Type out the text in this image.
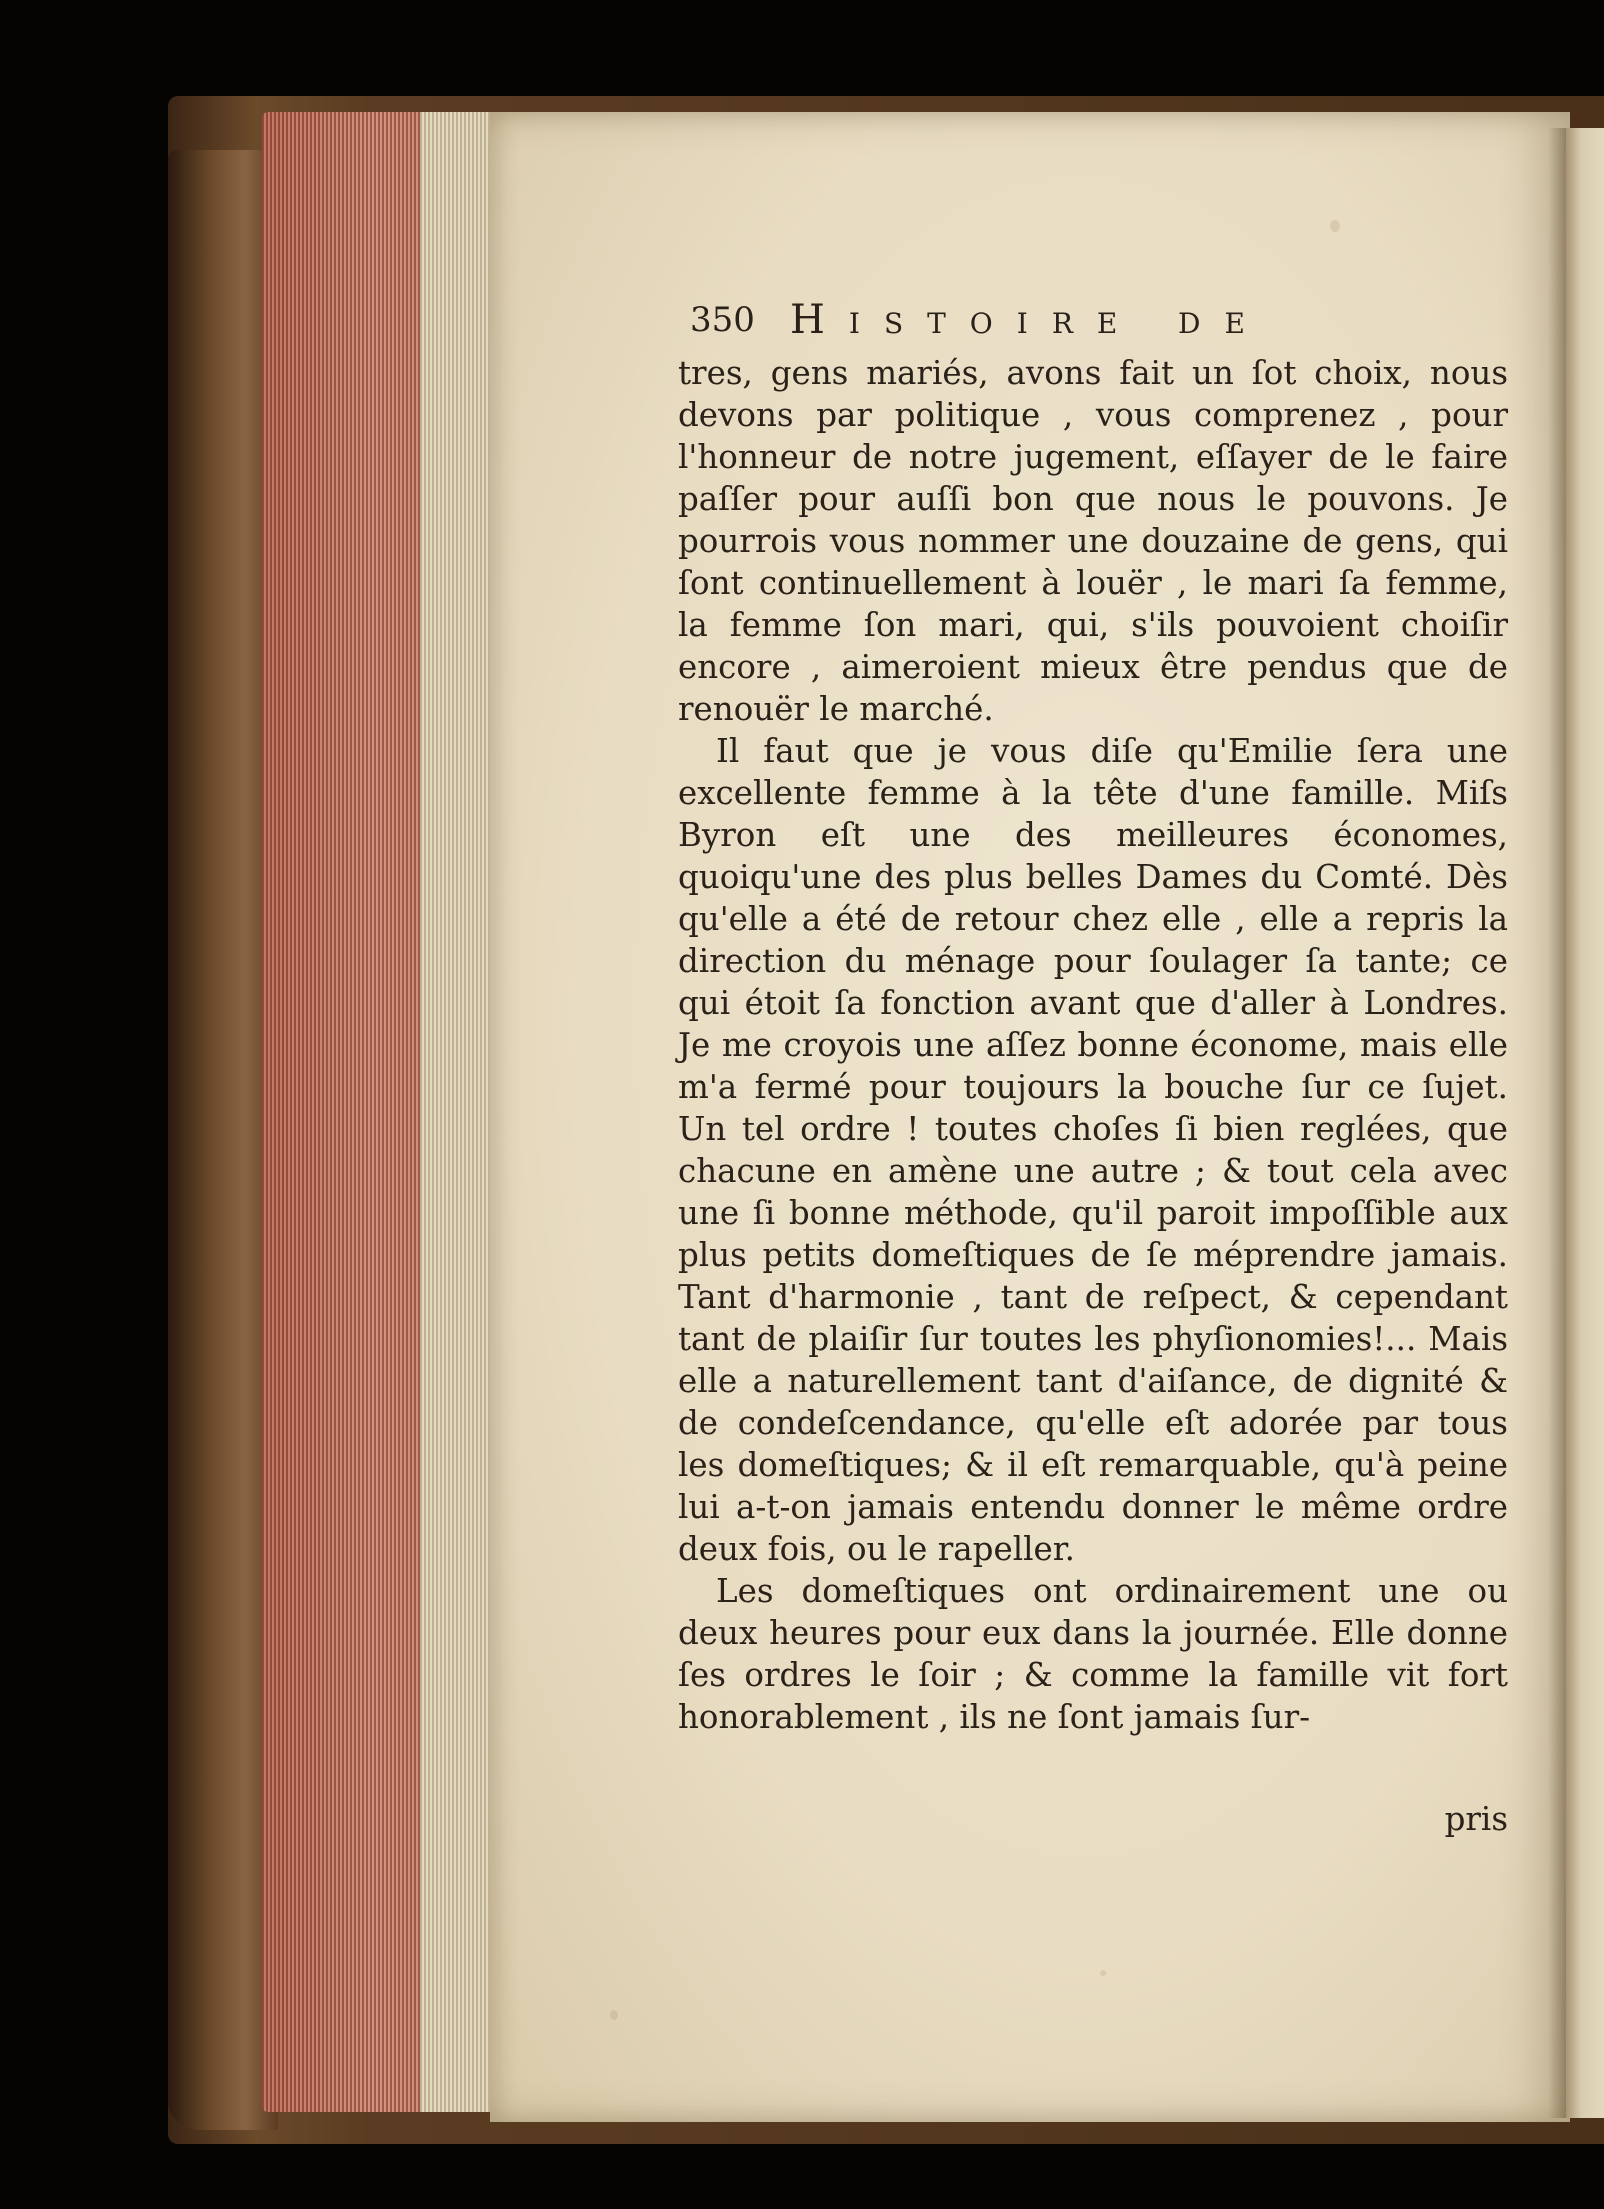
350 Histoire de

tres, gens mariés, avons fait un ſot choix, nous devons par politique , vous comprenez , pour l'honneur de notre jugement, eſſayer de le faire paſſer pour auſſi bon que nous le pouvons. Je pourrois vous nommer une douzaine de gens, qui ſont continuellement à louër , le mari ſa femme, la femme ſon mari, qui, s'ils pouvoient choiſir encore , aimeroient mieux être pendus que de renouër le marché.

Il faut que je vous diſe qu'Emilie ſera une excellente femme à la tête d'une famille. Miſs Byron eſt une des meilleures économes, quoiqu'une des plus belles Dames du Comté. Dès qu'elle a été de retour chez elle , elle a repris la direction du ménage pour ſoulager ſa tante; ce qui étoit ſa fonction avant que d'aller à Londres. Je me croyois une aſſez bonne économe, mais elle m'a fermé pour toujours la bouche ſur ce ſujet. Un tel ordre ! toutes choſes ſi bien reglées, que chacune en amène une autre ; & tout cela avec une ſi bonne méthode, qu'il paroit impoſſible aux plus petits domeſtiques de ſe méprendre jamais. Tant d'harmonie , tant de reſpect, & cependant tant de plaiſir ſur toutes les phyſionomies!... Mais elle a naturellement tant d'aiſance, de dignité & de condeſcendance, qu'elle eſt adorée par tous les domeſtiques; & il eſt remarquable, qu'à peine lui a-t-on jamais entendu donner le même ordre deux fois, ou le rapeller.

Les domeſtiques ont ordinairement une ou deux heures pour eux dans la journée. Elle donne ſes ordres le ſoir ; & comme la famille vit fort honorablement , ils ne ſont jamais ſur-

pris
